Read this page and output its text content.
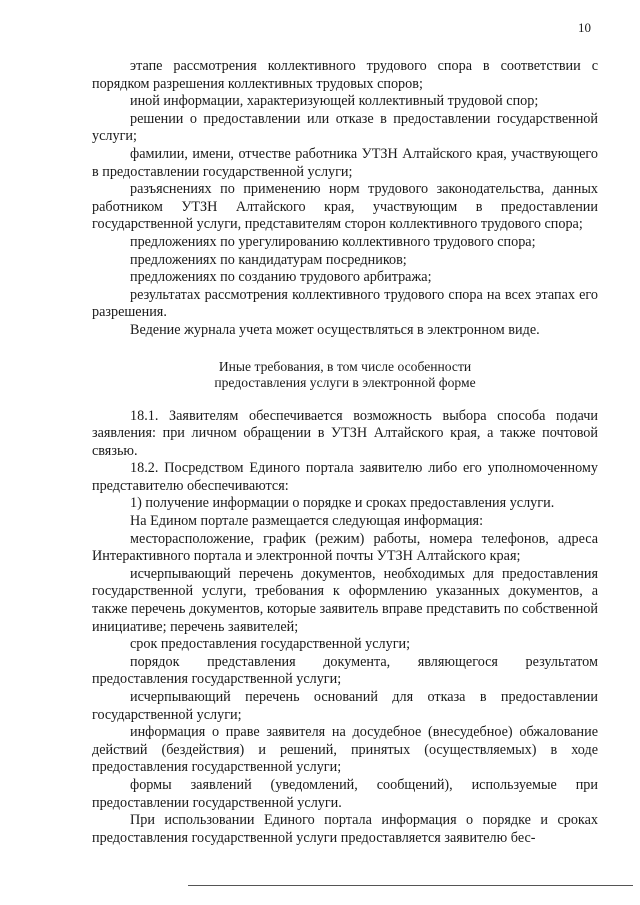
10

этапе рассмотрения коллективного трудового спора в соответствии с порядком разрешения коллективных трудовых споров;

иной информации, характеризующей коллективный трудовой спор;

решении о предоставлении или отказе в предоставлении государственной услуги;

фамилии, имени, отчестве работника УТЗН Алтайского края, участвующего в предоставлении государственной услуги;

разъяснениях по применению норм трудового законодательства, данных работником УТЗН Алтайского края, участвующим в предоставлении государственной услуги, представителям сторон коллективного трудового спора;

предложениях по урегулированию коллективного трудового спора;

предложениях по кандидатурам посредников;

предложениях по созданию трудового арбитража;

результатах рассмотрения коллективного трудового спора на всех этапах его разрешения.

Ведение журнала учета может осуществляться в электронном виде.

Иные требования, в том числе особенности
предоставления услуги в электронной форме

18.1. Заявителям обеспечивается возможность выбора способа подачи заявления: при личном обращении в УТЗН Алтайского края, а также почтовой связью.

18.2. Посредством Единого портала заявителю либо его уполномоченному представителю обеспечиваются:

1) получение информации о порядке и сроках предоставления услуги.

На Едином портале размещается следующая информация:

месторасположение, график (режим) работы, номера телефонов, адреса Интерактивного портала и электронной почты УТЗН Алтайского края;

исчерпывающий перечень документов, необходимых для предоставления государственной услуги, требования к оформлению указанных документов, а также перечень документов, которые заявитель вправе представить по собственной инициативе; перечень заявителей;

срок предоставления государственной услуги;

порядок представления документа, являющегося результатом предоставления государственной услуги;

исчерпывающий перечень оснований для отказа в предоставлении государственной услуги;

информация о праве заявителя на досудебное (внесудебное) обжалование действий (бездействия) и решений, принятых (осуществляемых) в ходе предоставления государственной услуги;

формы заявлений (уведомлений, сообщений), используемые при предоставлении государственной услуги.

При использовании Единого портала информация о порядке и сроках предоставления государственной услуги предоставляется заявителю бес-
